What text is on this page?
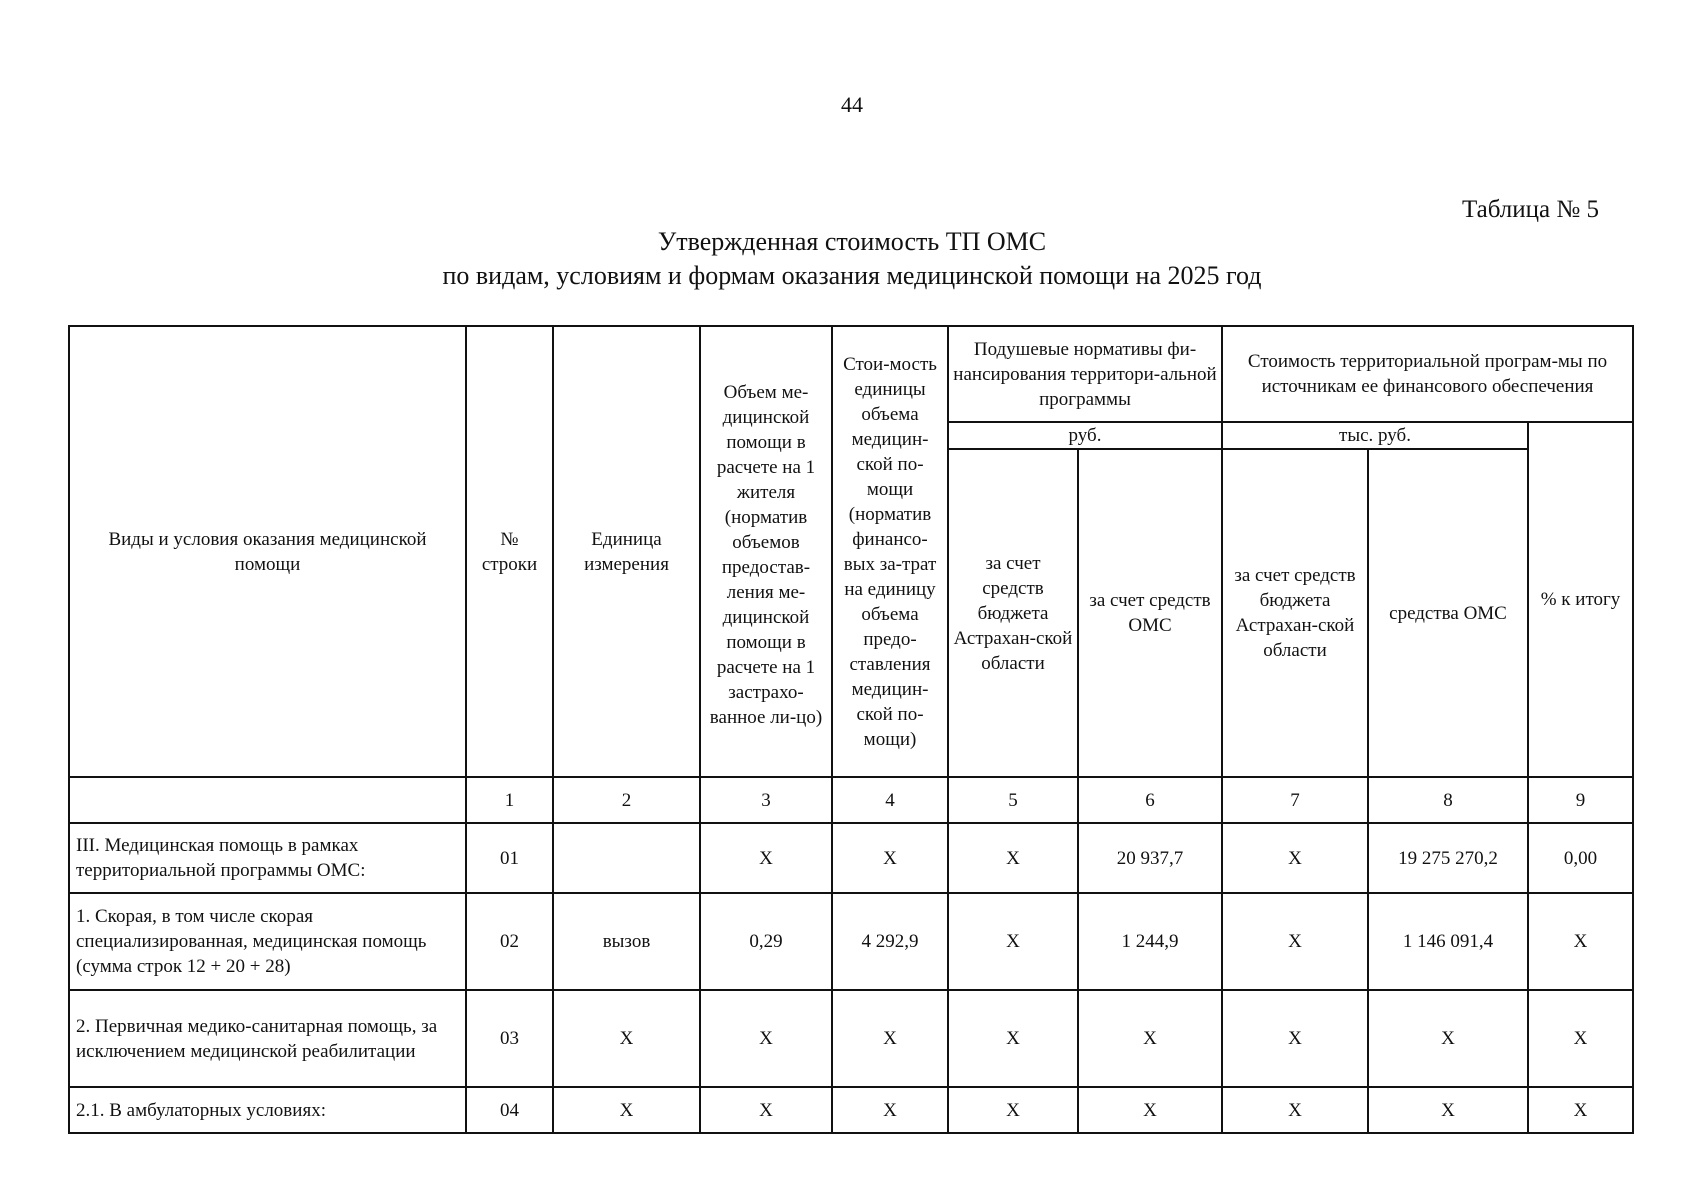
44
Таблица № 5
Утвержденная стоимость ТП ОМС
по видам, условиям и формам оказания медицинской помощи на 2025 год
Виды и условия оказания медицинской помощи	№ строки	Единица измерения	Объем ме-дицинской помощи в расчете на 1 жителя (норматив объемов предостав-ления ме-дицинской помощи в расчете на 1 застрахо-ванное ли-цо)	Стои-мость единицы объема медицин-ской по-мощи (норматив финансо-вых за-трат на единицу объема предо-ставления медицин-ской по-мощи)	Подушевые нормативы фи-нансирования территори-альной программы		Стоимость территориальной програм-мы по источникам ее финансового обеспечения		
					руб.		тыс. руб.		% к итогу
					за счет средств бюджета Астрахан-ской области	за счет средств ОМС	за счет средств бюджета Астрахан-ской области	средства ОМС	
	1	2	3	4	5	6	7	8	9
III. Медицинская помощь в рамках территориальной программы ОМС:	01		X	X	X	20 937,7	X	19 275 270,2	0,00
1. Скорая, в том числе скорая специализированная, медицинская помощь (сумма строк 12 + 20 + 28)	02	вызов	0,29	4 292,9	X	1 244,9	X	1 146 091,4	X
2. Первичная медико-санитарная помощь, за исключением медицинской реабилитации	03	X	X	X	X	X	X	X	X
2.1. В амбулаторных условиях:	04	X	X	X	X	X	X	X	X
